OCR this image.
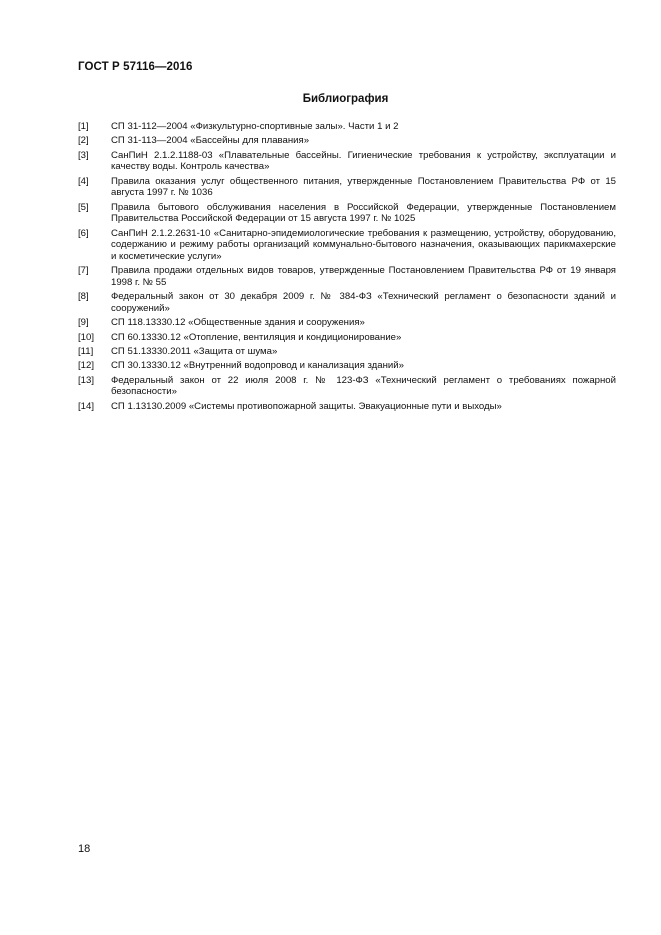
ГОСТ Р 57116—2016
Библиография
[1]	СП 31-112—2004 «Физкультурно-спортивные залы». Части 1 и 2
[2]	СП 31-113—2004 «Бассейны для плавания»
[3]	СанПиН 2.1.2.1188-03 «Плавательные бассейны. Гигиенические требования к устройству, эксплуатации и качеству воды. Контроль качества»
[4]	Правила оказания услуг общественного питания, утвержденные Постановлением Правительства РФ от 15 августа 1997 г. № 1036
[5]	Правила бытового обслуживания населения в Российской Федерации, утвержденные Постановлением Правительства Российской Федерации от 15 августа 1997 г. № 1025
[6]	СанПиН 2.1.2.2631-10 «Санитарно-эпидемиологические требования к размещению, устройству, оборудованию, содержанию и режиму работы организаций коммунально-бытового назначения, оказывающих парикмахерские и косметические услуги»
[7]	Правила продажи отдельных видов товаров, утвержденные Постановлением Правительства РФ от 19 января 1998 г. № 55
[8]	Федеральный закон от 30 декабря 2009 г. № 384-ФЗ «Технический регламент о безопасности зданий и сооружений»
[9]	СП 118.13330.12 «Общественные здания и сооружения»
[10]	СП 60.13330.12 «Отопление, вентиляция и кондиционирование»
[11]	СП 51.13330.2011 «Защита от шума»
[12]	СП 30.13330.12 «Внутренний водопровод и канализация зданий»
[13]	Федеральный закон от 22 июля 2008 г. № 123-ФЗ «Технический регламент о требованиях пожарной безопасности»
[14]	СП 1.13130.2009 «Системы противопожарной защиты. Эвакуационные пути и выходы»
18
